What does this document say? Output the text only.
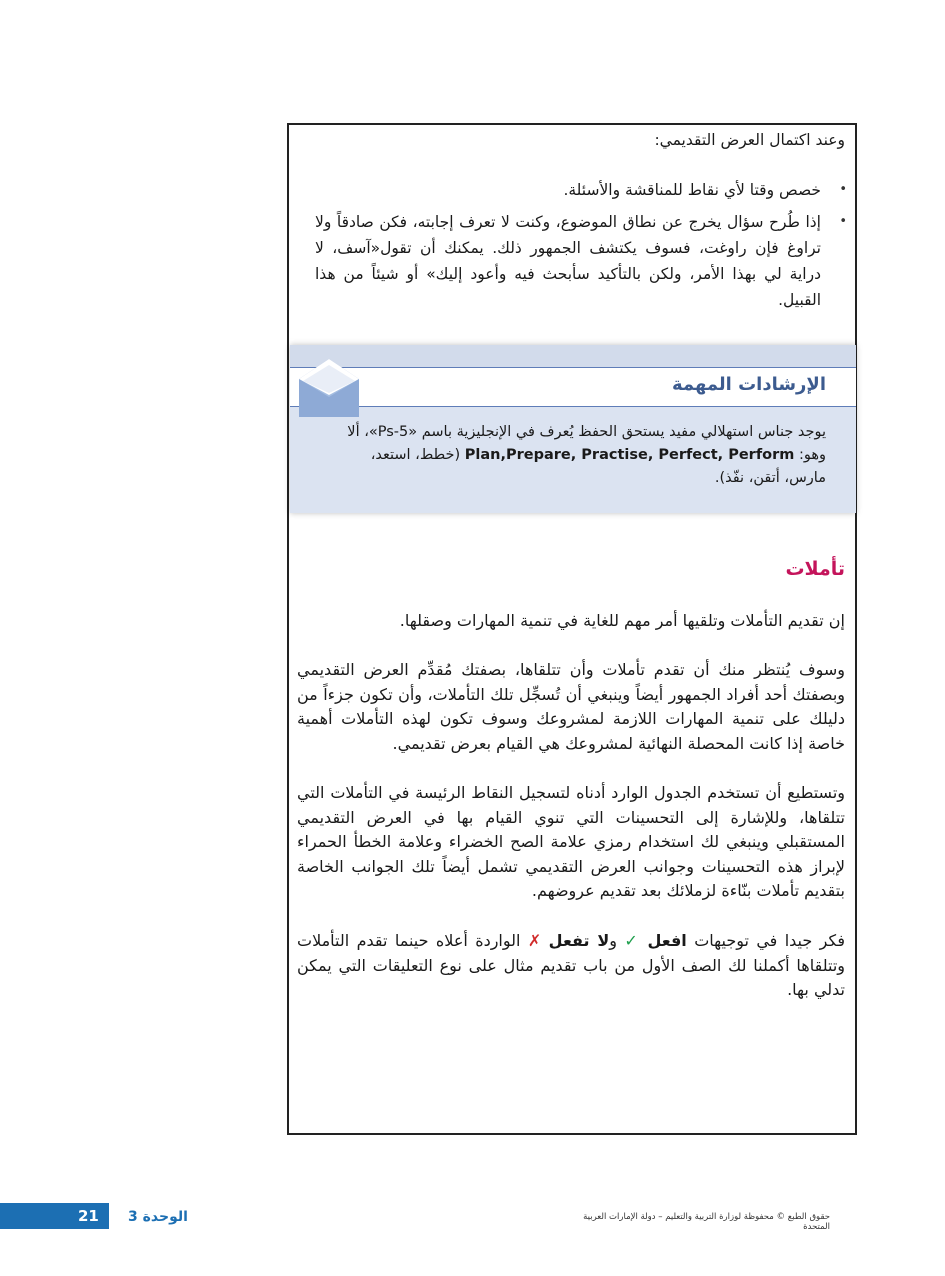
وعند اكتمال العرض التقديمي:
• خصص وقتا لأي نقاط للمناقشة والأسئلة.
• إذا طُرح سؤال يخرج عن نطاق الموضوع، وكنت لا تعرف إجابته، فكن صادقاً ولا تراوغ فإن راوغت، فسوف يكتشف الجمهور ذلك. يمكنك أن تقول«آسف، لا دراية لي بهذا الأمر، ولكن بالتأكيد سأبحث فيه وأعود إليك» أو شيئاً من هذا القبيل.
الإرشادات المهمة
يوجد جناس استهلالي مفيد يستحق الحفظ يُعرف في الإنجليزية باسم «Ps-5»، ألا وهو: Plan,Prepare, Practise, Perfect, Perform (خطط، استعد، مارس، أتقن، نفّذ).
تأملات
إن تقديم التأملات وتلقيها أمر مهم للغاية في تنمية المهارات وصقلها.
وسوف يُنتظر منك أن تقدم تأملات وأن تتلقاها، بصفتك مُقدِّم العرض التقديمي وبصفتك أحد أفراد الجمهور أيضاً وينبغي أن تُسجِّل تلك التأملات، وأن تكون جزءاً من دليلك على تنمية المهارات اللازمة لمشروعك وسوف تكون لهذه التأملات أهمية خاصة إذا كانت المحصلة النهائية لمشروعك هي القيام بعرض تقديمي.
وتستطيع أن تستخدم الجدول الوارد أدناه لتسجيل النقاط الرئيسة في التأملات التي تتلقاها، وللإشارة إلى التحسينات التي تنوي القيام بها في العرض التقديمي المستقبلي وينبغي لك استخدام رمزي علامة الصح الخضراء وعلامة الخطأ الحمراء لإبراز هذه التحسينات وجوانب العرض التقديمي تشمل أيضاً تلك الجوانب الخاصة بتقديم تأملات بنّاءة لزملائك بعد تقديم عروضهم.
فكر جيدا في توجيهات افعل ✓ ولا تفعل ✗ الواردة أعلاه حينما تقدم التأملات وتتلقاها أكملنا لك الصف الأول من باب تقديم مثال على نوع التعليقات التي يمكن تدلي بها.
21 الوحدة 3	حقوق الطبع © محفوظة لوزارة التربية والتعليم – دولة الإمارات العربية المتحدة
